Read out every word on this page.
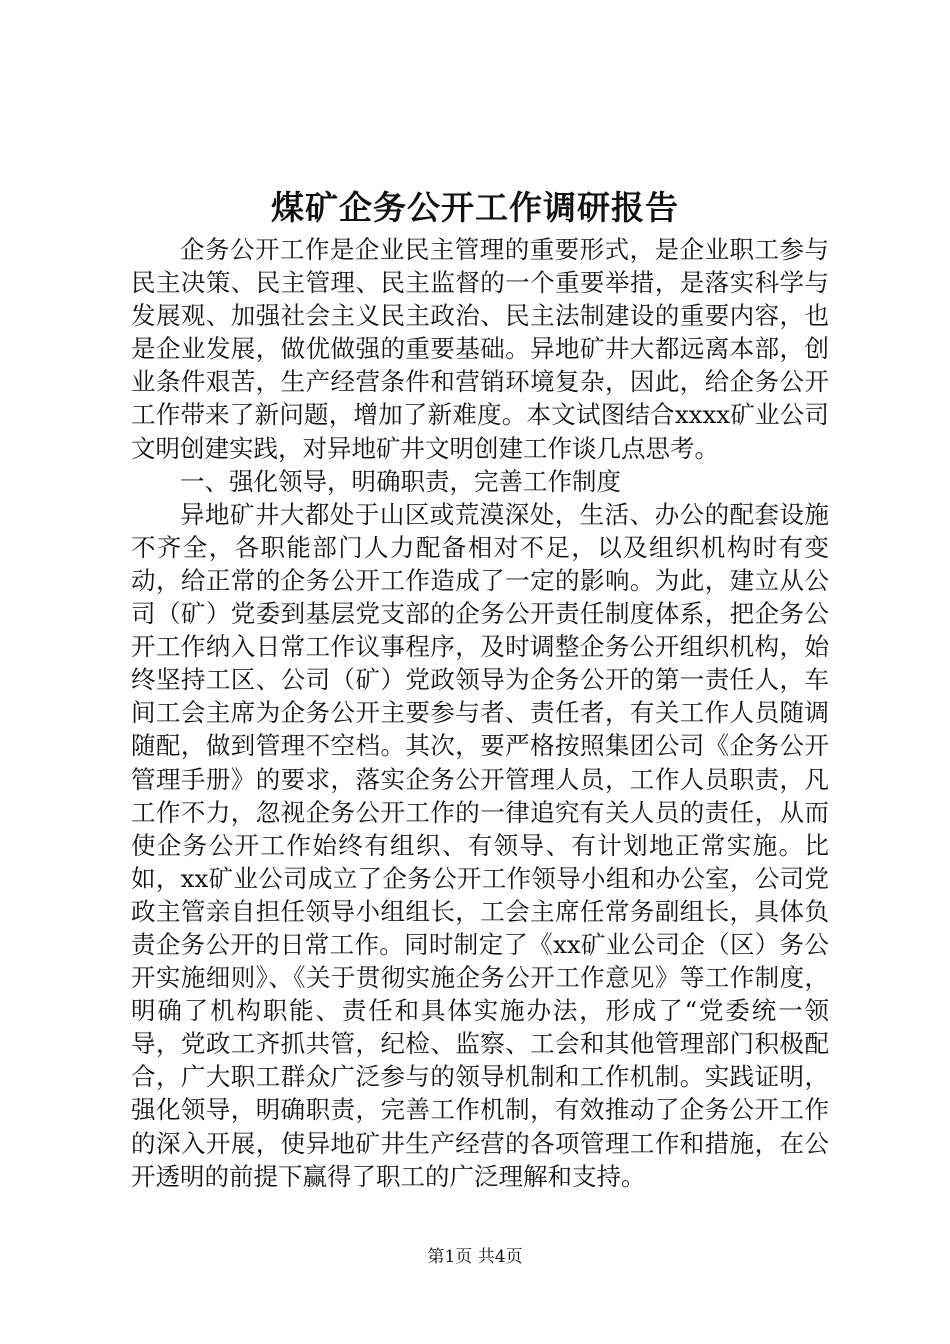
煤矿企务公开工作调研报告

企务公开工作是企业民主管理的重要形式，是企业职工参与民主决策、民主管理、民主监督的一个重要举措，是落实科学与发展观、加强社会主义民主政治、民主法制建设的重要内容，也是企业发展，做优做强的重要基础。异地矿井大都远离本部，创业条件艰苦，生产经营条件和营销环境复杂，因此，给企务公开工作带来了新问题，增加了新难度。本文试图结合xxxx矿业公司文明创建实践，对异地矿井文明创建工作谈几点思考。

一、强化领导，明确职责，完善工作制度

异地矿井大都处于山区或荒漠深处，生活、办公的配套设施不齐全，各职能部门人力配备相对不足，以及组织机构时有变动，给正常的企务公开工作造成了一定的影响。为此，建立从公司（矿）党委到基层党支部的企务公开责任制度体系，把企务公开工作纳入日常工作议事程序，及时调整企务公开组织机构，始终坚持工区、公司（矿）党政领导为企务公开的第一责任人，车间工会主席为企务公开主要参与者、责任者，有关工作人员随调随配，做到管理不空档。其次，要严格按照集团公司《企务公开管理手册》的要求，落实企务公开管理人员，工作人员职责，凡工作不力，忽视企务公开工作的一律追究有关人员的责任，从而使企务公开工作始终有组织、有领导、有计划地正常实施。比如，xx矿业公司成立了企务公开工作领导小组和办公室，公司党政主管亲自担任领导小组组长，工会主席任常务副组长，具体负责企务公开的日常工作。同时制定了《xx矿业公司企（区）务公开实施细则》、《关于贯彻实施企务公开工作意见》等工作制度，明确了机构职能、责任和具体实施办法，形成了“党委统一领导，党政工齐抓共管，纪检、监察、工会和其他管理部门积极配合，广大职工群众广泛参与的领导机制和工作机制。实践证明，强化领导，明确职责，完善工作机制，有效推动了企务公开工作的深入开展，使异地矿井生产经营的各项管理工作和措施，在公开透明的前提下赢得了职工的广泛理解和支持。

第1页 共4页
